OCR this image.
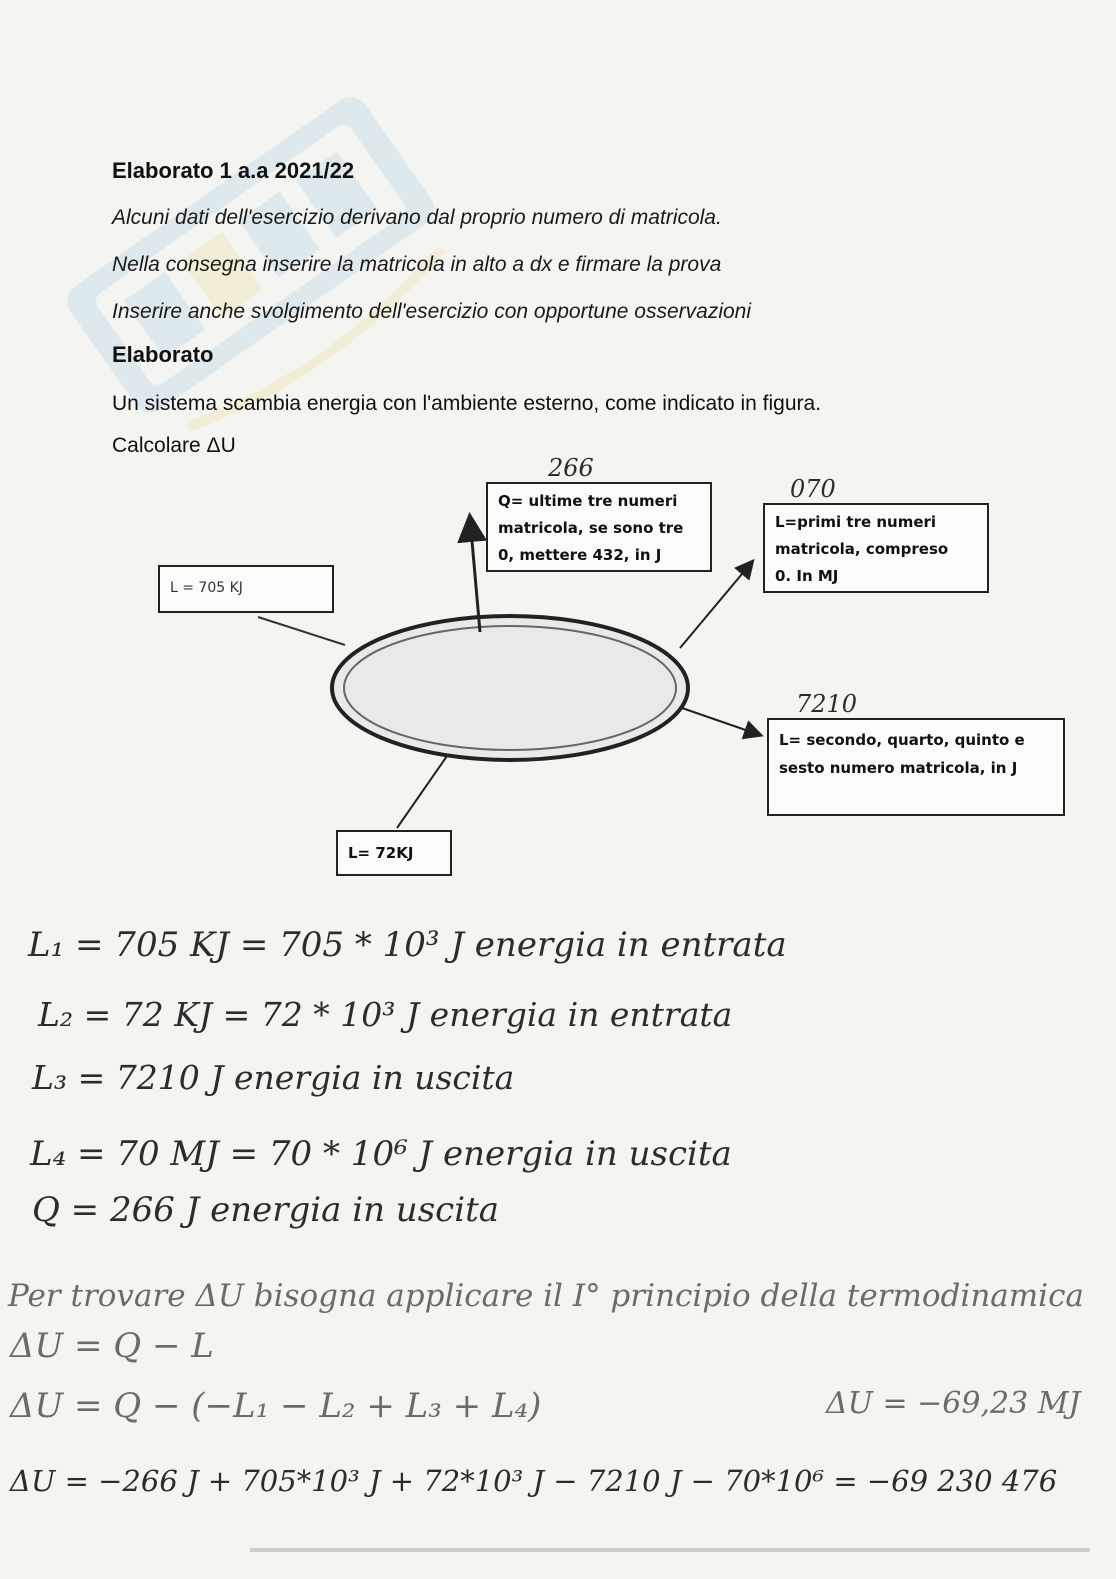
Elaborato 1 a.a 2021/22
Alcuni dati dell'esercizio derivano dal proprio numero di matricola.
Nella consegna inserire la matricola in alto a dx e firmare la prova
Inserire anche svolgimento dell'esercizio con opportune osservazioni
Elaborato
Un sistema scambia energia con l'ambiente esterno, come indicato in figura.
Calcolare ΔU
L = 705 KJ
Q= ultime tre numeri
matricola, se sono tre
0, mettere 432, in J
L=primi tre numeri
matricola, compreso
0. In MJ
L= secondo, quarto, quinto e
sesto numero matricola, in J
L= 72KJ
266
070
7210
L₁ = 705 KJ = 705 * 10³ J energia in entrata
L₂ = 72 KJ = 72 * 10³ J energia in entrata
L₃ = 7210 J energia in uscita
L₄ = 70 MJ = 70 * 10⁶ J energia in uscita
Q = 266 J energia in uscita
Per trovare ΔU bisogna applicare il I° principio della termodinamica
ΔU = Q − L
ΔU = Q − (−L₁ − L₂ + L₃ + L₄)	ΔU = −69,23 MJ
ΔU = −266 J + 705*10³ J + 72*10³ J − 7210 J − 70*10⁶ = −69 230 476
